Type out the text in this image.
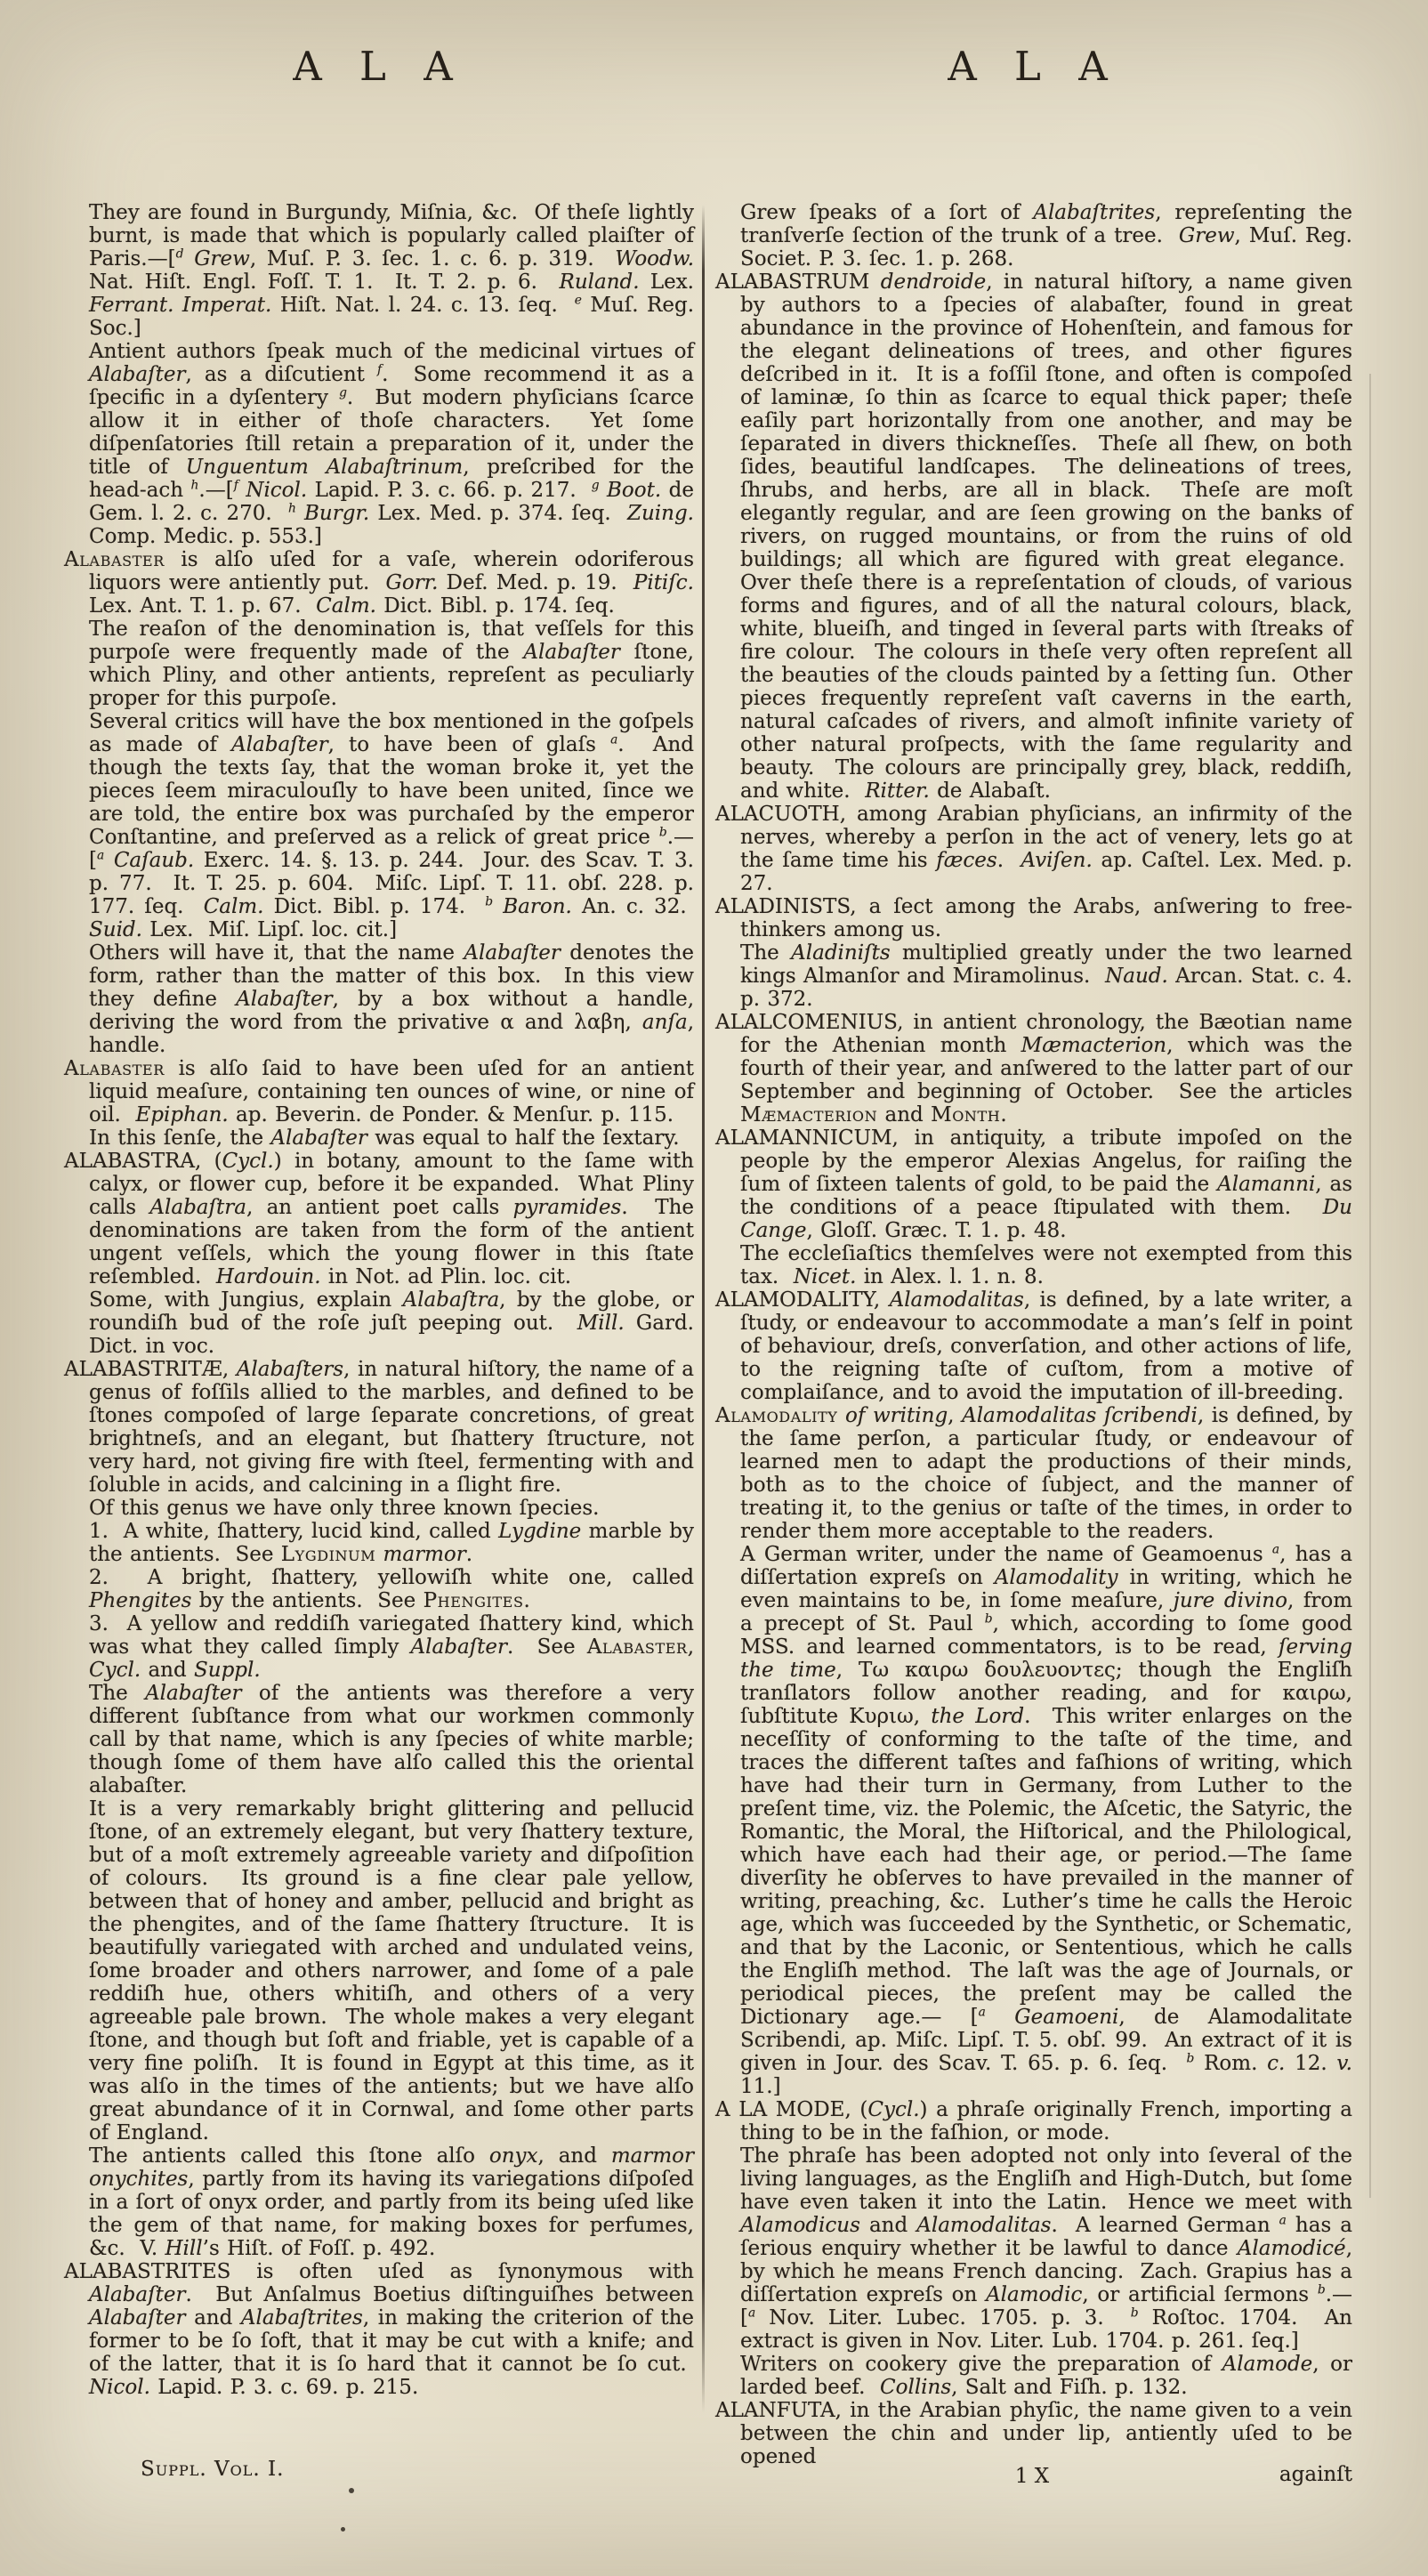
A L A	A L A

They are found in Burgundy, Miſnia, &c.  Of theſe lightly burnt, is made that which is popularly called plaiſter of Paris.—[$^d$ Grew, Muſ. P. 3. ſec. 1. c. 6. p. 319.  Woodw. Nat. Hiſt. Engl. Foſſ. T. 1.  It. T. 2. p. 6.  Ruland. Lex. Ferrant. Imperat. Hiſt. Nat. l. 24. c. 13. ſeq.  $^e$ Muſ. Reg. Soc.]

Antient authors ſpeak much of the medicinal virtues of Alabaſter, as a diſcutient $^f$.  Some recommend it as a ſpecific in a dyſentery $^g$.  But modern phyſicians ſcarce allow it in either of thoſe characters.  Yet ſome diſpenſatories ſtill retain a preparation of it, under the title of Unguentum Alabaſtrinum, preſcribed for the head-ach $^h$.—[$^f$ Nicol. Lapid. P. 3. c. 66. p. 217.  $^g$ Boot. de Gem. l. 2. c. 270.  $^h$ Burgr. Lex. Med. p. 374. ſeq.  Zuing. Comp. Medic. p. 553.]

Alabaster is alſo uſed for a vaſe, wherein odoriferous liquors were antiently put.  Gorr. Def. Med. p. 19.  Pitiſc. Lex. Ant. T. 1. p. 67.  Calm. Dict. Bibl. p. 174. ſeq.

The reaſon of the denomination is, that veſſels for this purpoſe were frequently made of the Alabaſter ſtone, which Pliny, and other antients, repreſent as peculiarly proper for this purpoſe.

Several critics will have the box mentioned in the goſpels as made of Alabaſter, to have been of glaſs $^a$.  And though the texts ſay, that the woman broke it, yet the pieces ſeem miraculouſly to have been united, ſince we are told, the entire box was purchaſed by the emperor Conſtantine, and preſerved as a relick of great price $^b$.—[$^a$ Caſaub. Exerc. 14. §. 13. p. 244.  Jour. des Scav. T. 3. p. 77.  It. T. 25. p. 604.  Miſc. Lipſ. T. 11. obſ. 228. p. 177. ſeq.  Calm. Dict. Bibl. p. 174.  $^b$ Baron. An. c. 32.  Suid. Lex.  Miſ. Lipſ. loc. cit.]

Others will have it, that the name Alabaſter denotes the form, rather than the matter of this box.  In this view they define Alabaſter, by a box without a handle, deriving the word from the privative α and λαβη, anſa, handle.

Alabaster is alſo ſaid to have been uſed for an antient liquid meaſure, containing ten ounces of wine, or nine of oil.  Epiphan. ap. Beverin. de Ponder. & Menſur. p. 115.

In this ſenſe, the Alabaſter was equal to half the ſextary.

ALABASTRA, (Cycl.) in botany, amount to the ſame with calyx, or flower cup, before it be expanded.  What Pliny calls Alabaſtra, an antient poet calls pyramides.  The denominations are taken from the form of the antient ungent veſſels, which the young flower in this ſtate reſembled.  Hardouin. in Not. ad Plin. loc. cit.

Some, with Jungius, explain Alabaſtra, by the globe, or roundiſh bud of the roſe juſt peeping out.  Mill. Gard. Dict. in voc.

ALABASTRITÆ, Alabaſters, in natural hiſtory, the name of a genus of foſſils allied to the marbles, and defined to be ſtones compoſed of large ſeparate concretions, of great brightneſs, and an elegant, but ſhattery ſtructure, not very hard, not giving fire with ſteel, fermenting with and ſoluble in acids, and calcining in a ſlight fire.

Of this genus we have only three known ſpecies.

1.  A white, ſhattery, lucid kind, called Lygdine marble by the antients.  See Lygdinum marmor.

2.  A bright, ſhattery, yellowiſh white one, called Phengites by the antients.  See Phengites.

3.  A yellow and reddiſh variegated ſhattery kind, which was what they called ſimply Alabaſter.  See Alabaster, Cycl. and Suppl.

The Alabaſter of the antients was therefore a very different ſubſtance from what our workmen commonly call by that name, which is any ſpecies of white marble; though ſome of them have alſo called this the oriental alabaſter.

It is a very remarkably bright glittering and pellucid ſtone, of an extremely elegant, but very ſhattery texture, but of a moſt extremely agreeable variety and diſpoſition of colours.  Its ground is a fine clear pale yellow, between that of honey and amber, pellucid and bright as the phengites, and of the ſame ſhattery ſtructure.  It is beautifully variegated with arched and undulated veins, ſome broader and others narrower, and ſome of a pale reddiſh hue, others whitiſh, and others of a very agreeable pale brown.  The whole makes a very elegant ſtone, and though but ſoft and friable, yet is capable of a very fine poliſh.  It is found in Egypt at this time, as it was alſo in the times of the antients; but we have alſo great abundance of it in Cornwal, and ſome other parts of England.

The antients called this ſtone alſo onyx, and marmor onychites, partly from its having its variegations diſpoſed in a ſort of onyx order, and partly from its being uſed like the gem of that name, for making boxes for perfumes, &c.  V. Hill’s Hiſt. of Foſſ. p. 492.

ALABASTRITES is often uſed as ſynonymous with Alabaſter.  But Anſalmus Boetius diſtinguiſhes between Alabaſter and Alabaſtrites, in making the criterion of the former to be ſo ſoft, that it may be cut with a knife; and of the latter, that it is ſo hard that it cannot be ſo cut.  Nicol. Lapid. P. 3. c. 69. p. 215.

Grew ſpeaks of a ſort of Alabaſtrites, repreſenting the tranſverſe ſection of the trunk of a tree.  Grew, Muſ. Reg. Societ. P. 3. ſec. 1. p. 268.

ALABASTRUM dendroide, in natural hiſtory, a name given by authors to a ſpecies of alabaſter, found in great abundance in the province of Hohenſtein, and famous for the elegant delineations of trees, and other figures deſcribed in it.  It is a foſſil ſtone, and often is compoſed of laminæ, ſo thin as ſcarce to equal thick paper; theſe eaſily part horizontally from one another, and may be ſeparated in divers thickneſſes.  Theſe all ſhew, on both ſides, beautiful landſcapes.  The delineations of trees, ſhrubs, and herbs, are all in black.  Theſe are moſt elegantly regular, and are ſeen growing on the banks of rivers, on rugged mountains, or from the ruins of old buildings; all which are figured with great elegance.  Over theſe there is a repreſentation of clouds, of various forms and figures, and of all the natural colours, black, white, blueiſh, and tinged in ſeveral parts with ſtreaks of fire colour.  The colours in theſe very often repreſent all the beauties of the clouds painted by a ſetting ſun.  Other pieces frequently repreſent vaſt caverns in the earth, natural caſcades of rivers, and almoſt infinite variety of other natural proſpects, with the ſame regularity and beauty.  The colours are principally grey, black, reddiſh, and white.  Ritter. de Alabaſt.

ALACUOTH, among Arabian phyſicians, an infirmity of the nerves, whereby a perſon in the act of venery, lets go at the ſame time his fæces.  Aviſen. ap. Caſtel. Lex. Med. p. 27.

ALADINISTS, a ſect among the Arabs, anſwering to free-thinkers among us.

The Aladiniſts multiplied greatly under the two learned kings Almanſor and Miramolinus.  Naud. Arcan. Stat. c. 4. p. 372.

ALALCOMENIUS, in antient chronology, the Bæotian name for the Athenian month Mæmacterion, which was the fourth of their year, and anſwered to the latter part of our September and beginning of October.  See the articles Mæmacterion and Month.

ALAMANNICUM, in antiquity, a tribute impoſed on the people by the emperor Alexias Angelus, for raiſing the ſum of ſixteen talents of gold, to be paid the Alamanni, as the conditions of a peace ſtipulated with them.  Du Cange, Gloſſ. Græc. T. 1. p. 48.

The eccleſiaſtics themſelves were not exempted from this tax.  Nicet. in Alex. l. 1. n. 8.

ALAMODALITY, Alamodalitas, is defined, by a late writer, a ſtudy, or endeavour to accommodate a man’s ſelf in point of behaviour, dreſs, converſation, and other actions of life, to the reigning taſte of cuſtom, from a motive of complaiſance, and to avoid the imputation of ill-breeding.

Alamodality of writing, Alamodalitas ſcribendi, is defined, by the ſame perſon, a particular ſtudy, or endeavour of learned men to adapt the productions of their minds, both as to the choice of ſubject, and the manner of treating it, to the genius or taſte of the times, in order to render them more acceptable to the readers.

A German writer, under the name of Geamoenus $^a$, has a diſſertation expreſs on Alamodality in writing, which he even maintains to be, in ſome meaſure, jure divino, from a precept of St. Paul $^b$, which, according to ſome good MSS. and learned commentators, is to be read, ſerving the time, Τω καιρω δουλευοντες; though the Engliſh tranſlators follow another reading, and for καιρω, ſubſtitute Κυριω, the Lord.  This writer enlarges on the neceſſity of conforming to the taſte of the time, and traces the different taſtes and faſhions of writing, which have had their turn in Germany, from Luther to the preſent time, viz. the Polemic, the Aſcetic, the Satyric, the Romantic, the Moral, the Hiſtorical, and the Philological, which have each had their age, or period.—The ſame diverſity he obſerves to have prevailed in the manner of writing, preaching, &c.  Luther’s time he calls the Heroic age, which was ſucceeded by the Synthetic, or Schematic, and that by the Laconic, or Sententious, which he calls the Engliſh method.  The laſt was the age of Journals, or periodical pieces, the preſent may be called the Dictionary age.— [$^a$ Geamoeni, de Alamodalitate Scribendi, ap. Miſc. Lipſ. T. 5. obſ. 99.  An extract of it is given in Jour. des Scav. T. 65. p. 6. ſeq.  $^b$ Rom. c. 12. v. 11.]

A LA MODE, (Cycl.) a phraſe originally French, importing a thing to be in the faſhion, or mode.

The phraſe has been adopted not only into ſeveral of the living languages, as the Engliſh and High-Dutch, but ſome have even taken it into the Latin.  Hence we meet with Alamodicus and Alamodalitas.  A learned German $^a$ has a ſerious enquiry whether it be lawful to dance Alamodicé, by which he means French dancing.  Zach. Grapius has a diſſertation expreſs on Alamodic, or artificial ſermons $^b$.—[$^a$ Nov. Liter. Lubec. 1705. p. 3.  $^b$ Roſtoc. 1704.  An extract is given in Nov. Liter. Lub. 1704. p. 261. ſeq.]

Writers on cookery give the preparation of Alamode, or larded beef.  Collins, Salt and Fiſh. p. 132.

ALANFUTA, in the Arabian phyſic, the name given to a vein between the chin and under lip, antiently uſed to be opened

Suppl. Vol. I.	1 X	againſt
